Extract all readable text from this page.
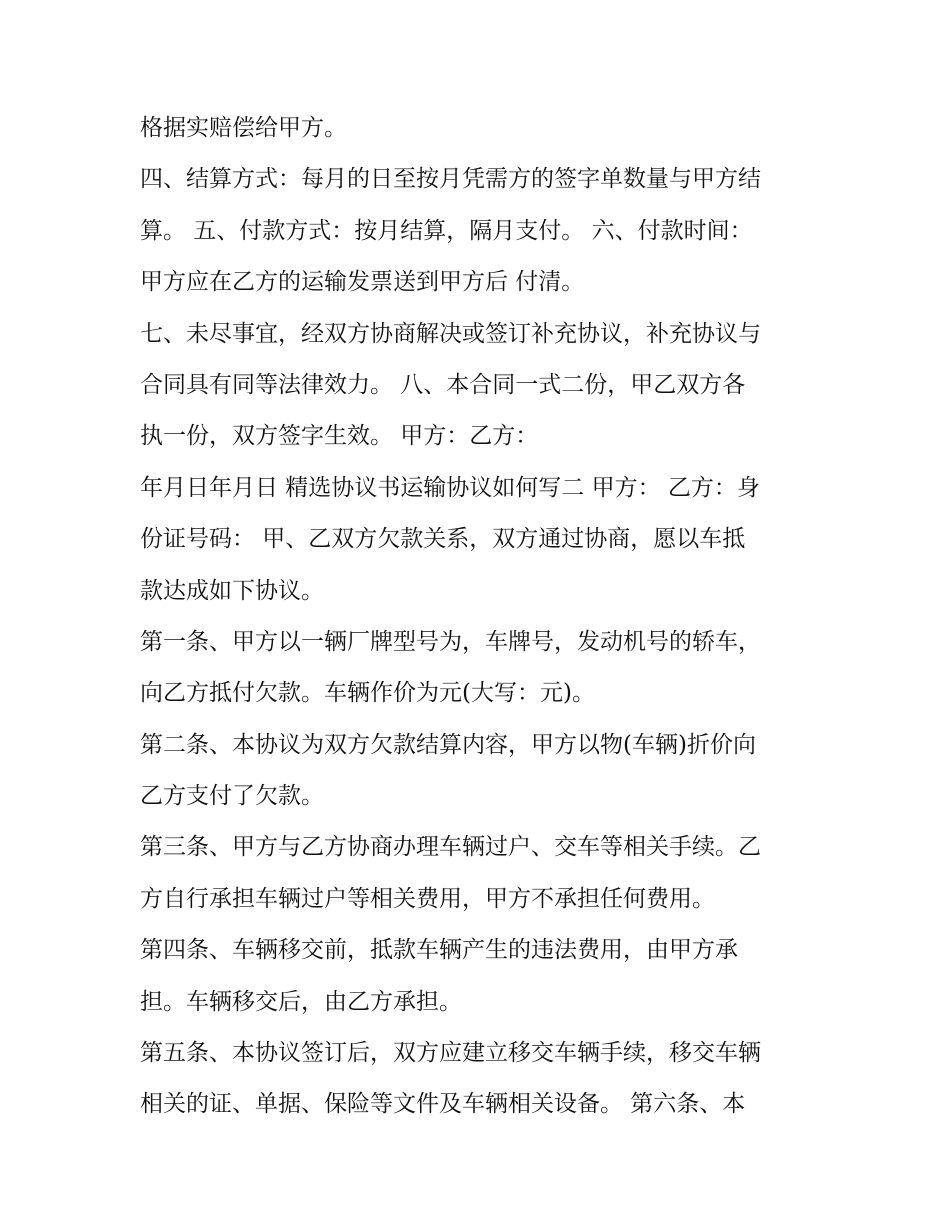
格据实赔偿给甲方。
四、结算方式：每月的日至按月凭需方的签字单数量与甲方结
算。 五、付款方式：按月结算，隔月支付。 六、付款时间：
甲方应在乙方的运输发票送到甲方后 付清。
七、未尽事宜，经双方协商解决或签订补充协议，补充协议与
合同具有同等法律效力。 八、本合同一式二份，甲乙双方各
执一份，双方签字生效。 甲方：乙方：
年月日年月日 精选协议书运输协议如何写二 甲方： 乙方：身
份证号码： 甲、乙双方欠款关系，双方通过协商，愿以车抵
款达成如下协议。
第一条、甲方以一辆厂牌型号为，车牌号，发动机号的轿车，
向乙方抵付欠款。车辆作价为元(大写：元)。
第二条、本协议为双方欠款结算内容，甲方以物(车辆)折价向
乙方支付了欠款。
第三条、甲方与乙方协商办理车辆过户、交车等相关手续。乙
方自行承担车辆过户等相关费用，甲方不承担任何费用。
第四条、车辆移交前，抵款车辆产生的违法费用，由甲方承
担。车辆移交后，由乙方承担。
第五条、本协议签订后，双方应建立移交车辆手续，移交车辆
相关的证、单据、保险等文件及车辆相关设备。 第六条、本
